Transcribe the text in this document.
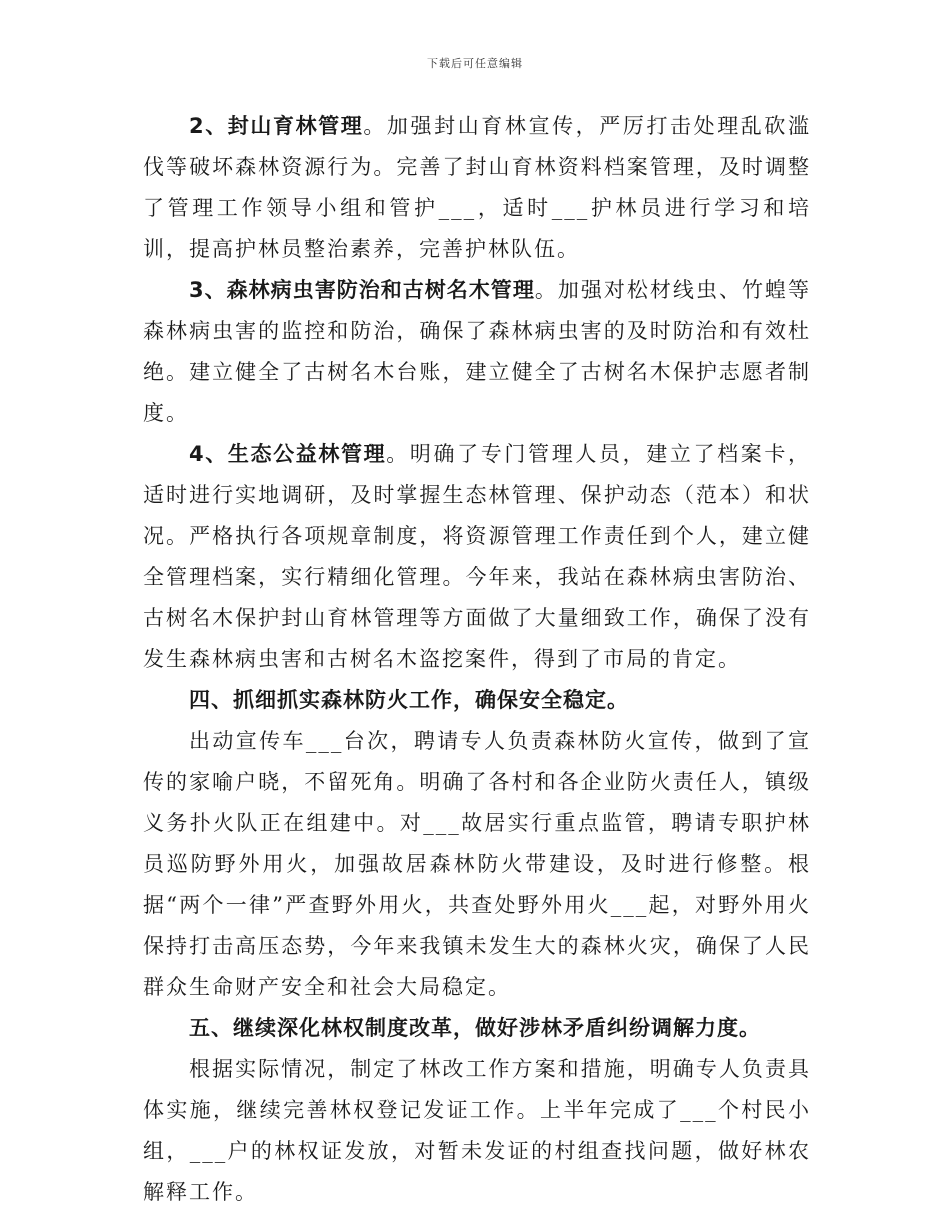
下载后可任意编辑

2、封山育林管理。加强封山育林宣传，严厉打击处理乱砍滥伐等破坏森林资源行为。完善了封山育林资料档案管理，及时调整了管理工作领导小组和管护___，适时___护林员进行学习和培训，提高护林员整治素养，完善护林队伍。

3、森林病虫害防治和古树名木管理。加强对松材线虫、竹蝗等森林病虫害的监控和防治，确保了森林病虫害的及时防治和有效杜绝。建立健全了古树名木台账，建立健全了古树名木保护志愿者制度。

4、生态公益林管理。明确了专门管理人员，建立了档案卡，适时进行实地调研，及时掌握生态林管理、保护动态（范本）和状况。严格执行各项规章制度，将资源管理工作责任到个人，建立健全管理档案，实行精细化管理。今年来，我站在森林病虫害防治、古树名木保护封山育林管理等方面做了大量细致工作，确保了没有发生森林病虫害和古树名木盗挖案件，得到了市局的肯定。

四、抓细抓实森林防火工作，确保安全稳定。

出动宣传车___台次，聘请专人负责森林防火宣传，做到了宣传的家喻户晓，不留死角。明确了各村和各企业防火责任人，镇级义务扑火队正在组建中。对___故居实行重点监管，聘请专职护林员巡防野外用火，加强故居森林防火带建设，及时进行修整。根据“两个一律”严查野外用火，共查处野外用火___起，对野外用火保持打击高压态势，今年来我镇未发生大的森林火灾，确保了人民群众生命财产安全和社会大局稳定。

五、继续深化林权制度改革，做好涉林矛盾纠纷调解力度。

根据实际情况，制定了林改工作方案和措施，明确专人负责具体实施，继续完善林权登记发证工作。上半年完成了___个村民小组，___户的林权证发放，对暂未发证的村组查找问题，做好林农解释工作。
